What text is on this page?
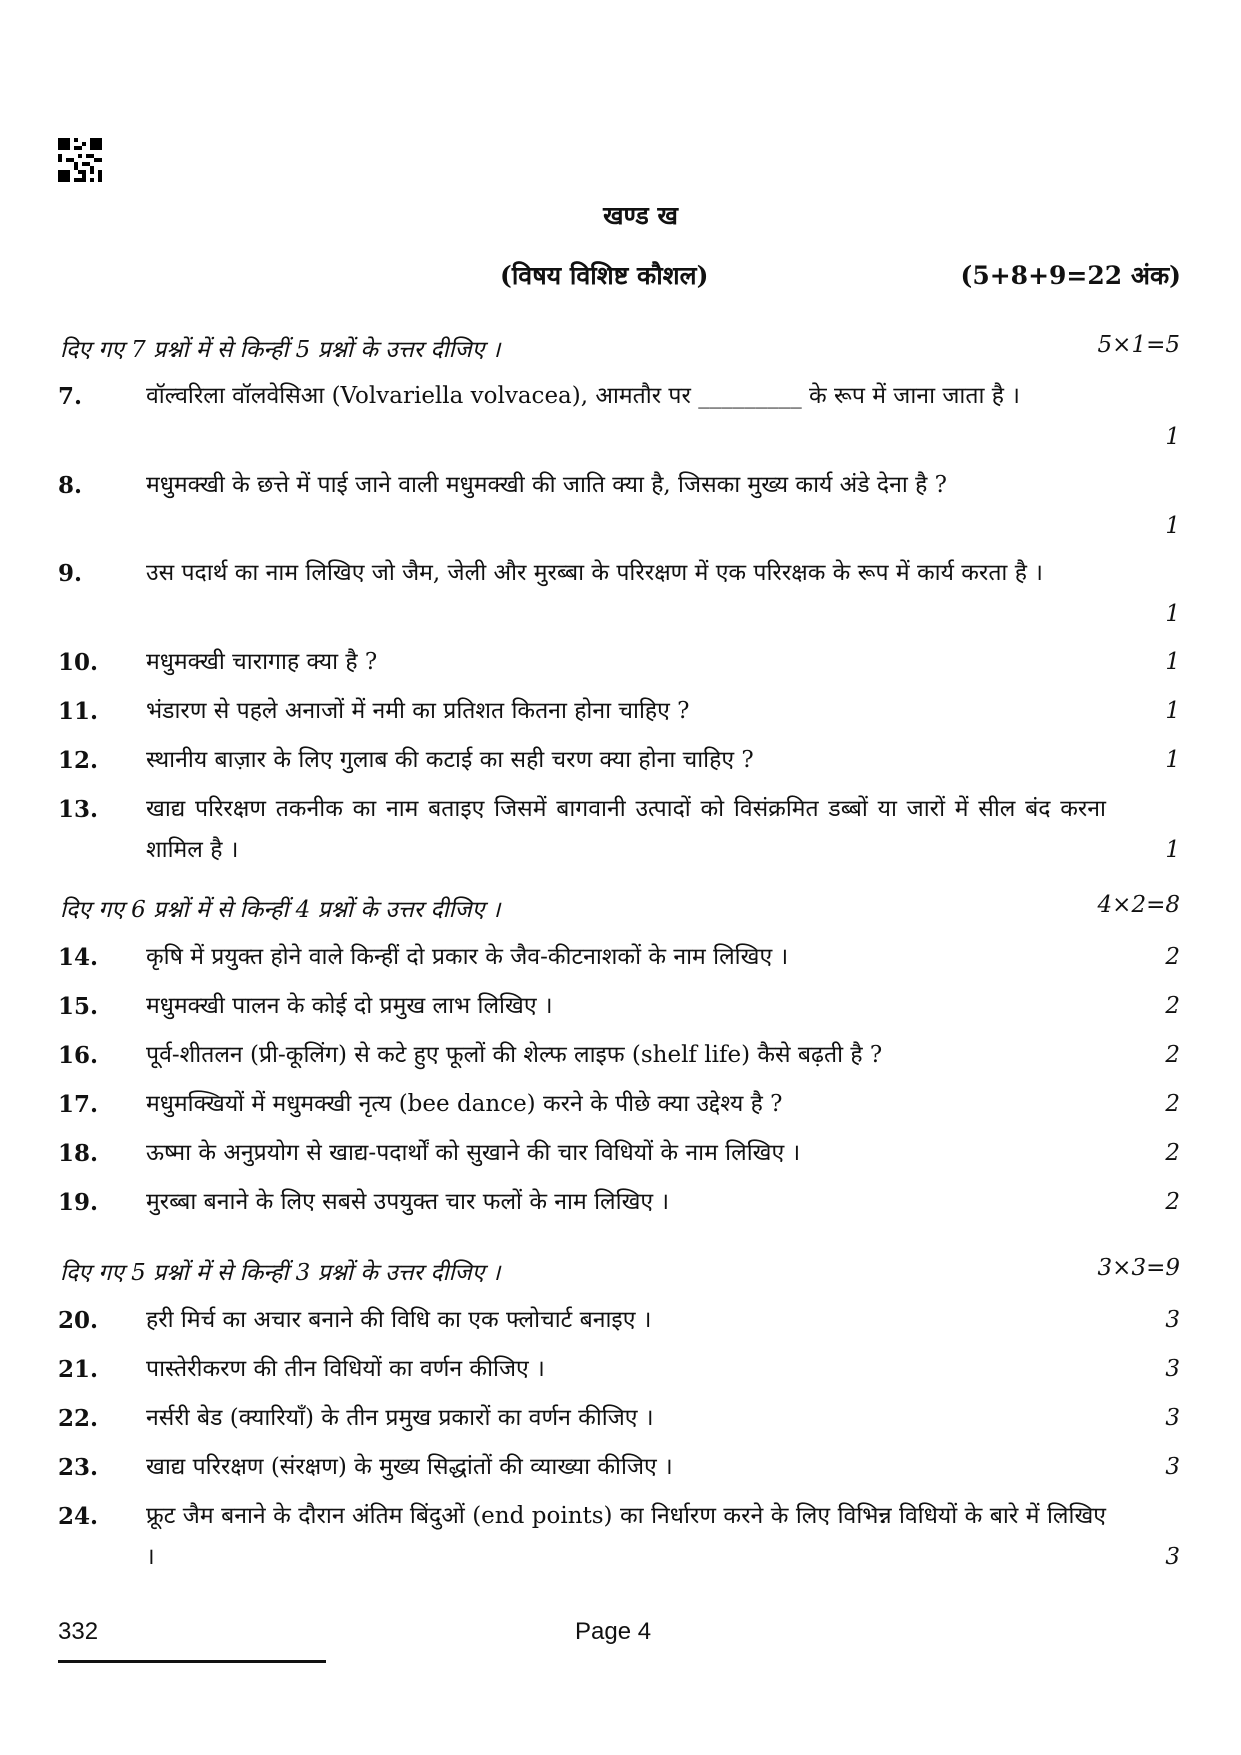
खण्ड ख
(विषय विशिष्ट कौशल)	(5+8+9=22 अंक)
दिए गए 7 प्रश्नों में से किन्हीं 5 प्रश्नों के उत्तर दीजिए ।	5×1=5
7.	वॉल्वरिला वॉलवेसिआ (Volvariella volvacea), आमतौर पर _________ के रूप में जाना जाता है ।
1
8.	मधुमक्खी के छत्ते में पाई जाने वाली मधुमक्खी की जाति क्या है, जिसका मुख्य कार्य अंडे देना है ?
1
9.	उस पदार्थ का नाम लिखिए जो जैम, जेली और मुरब्बा के परिरक्षण में एक परिरक्षक के रूप में कार्य करता है ।
1
10. मधुमक्खी चारागाह क्या है ?	1
11. भंडारण से पहले अनाजों में नमी का प्रतिशत कितना होना चाहिए ?	1
12. स्थानीय बाज़ार के लिए गुलाब की कटाई का सही चरण क्या होना चाहिए ?	1
13. खाद्य परिरक्षण तकनीक का नाम बताइए जिसमें बागवानी उत्पादों को विसंक्रमित डब्बों या जारों में सील बंद करना शामिल है ।	1
दिए गए 6 प्रश्नों में से किन्हीं 4 प्रश्नों के उत्तर दीजिए ।	4×2=8
14. कृषि में प्रयुक्त होने वाले किन्हीं दो प्रकार के जैव-कीटनाशकों के नाम लिखिए ।	2
15. मधुमक्खी पालन के कोई दो प्रमुख लाभ लिखिए ।	2
16. पूर्व-शीतलन (प्री-कूलिंग) से कटे हुए फूलों की शेल्फ लाइफ (shelf life) कैसे बढ़ती है ?	2
17. मधुमक्खियों में मधुमक्खी नृत्य (bee dance) करने के पीछे क्या उद्देश्य है ?	2
18. ऊष्मा के अनुप्रयोग से खाद्य-पदार्थों को सुखाने की चार विधियों के नाम लिखिए ।	2
19. मुरब्बा बनाने के लिए सबसे उपयुक्त चार फलों के नाम लिखिए ।	2
दिए गए 5 प्रश्नों में से किन्हीं 3 प्रश्नों के उत्तर दीजिए ।	3×3=9
20. हरी मिर्च का अचार बनाने की विधि का एक फ्लोचार्ट बनाइए ।	3
21. पास्तेरीकरण की तीन विधियों का वर्णन कीजिए ।	3
22. नर्सरी बेड (क्यारियाँ) के तीन प्रमुख प्रकारों का वर्णन कीजिए ।	3
23. खाद्य परिरक्षण (संरक्षण) के मुख्य सिद्धांतों की व्याख्या कीजिए ।	3
24. फ्रूट जैम बनाने के दौरान अंतिम बिंदुओं (end points) का निर्धारण करने के लिए विभिन्न विधियों के बारे में लिखिए ।	3
332	Page 4
